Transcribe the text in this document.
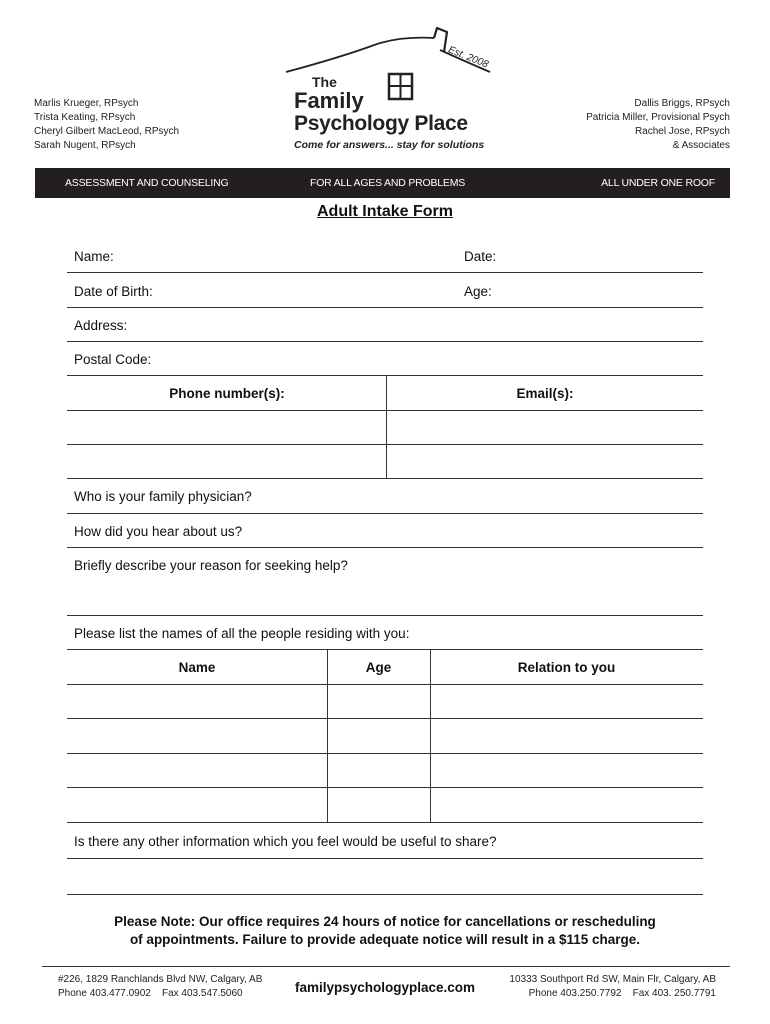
Marlis Krueger, RPsych
Trista Keating, RPsych
Cheryl Gilbert MacLeod, RPsych
Sarah Nugent, RPsych
Dallis Briggs, RPsych
Patricia Miller, Provisional Psych
Rachel Jose, RPsych
& Associates
Est. 2008
The
Family
Psychology Place
Come for answers... stay for solutions
ASSESSMENT AND COUNSELING	FOR ALL AGES AND PROBLEMS	ALL UNDER ONE ROOF
Adult Intake Form
Name:	Date:
Date of Birth:	Age:
Address:
Postal Code:
Phone number(s):	Email(s):
Who is your family physician?
How did you hear about us?
Briefly describe your reason for seeking help?
Please list the names of all the people residing with you:
Name	Age	Relation to you
Is there any other information which you feel would be useful to share?
Please Note: Our office requires 24 hours of notice for cancellations or rescheduling
of appointments. Failure to provide adequate notice will result in a $115 charge.
#226, 1829 Ranchlands Blvd NW, Calgary, AB
Phone 403.477.0902    Fax 403.547.5060	familypsychologyplace.com
10333 Southport Rd SW, Main Flr, Calgary, AB
Phone 403.250.7792    Fax 403. 250.7791
